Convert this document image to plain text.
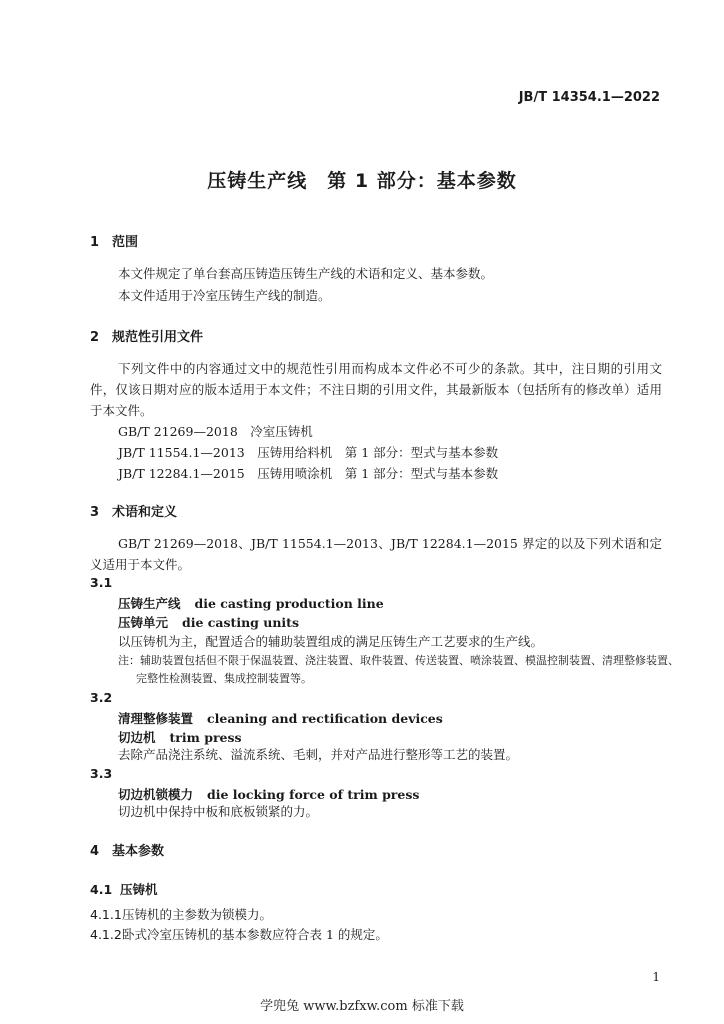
JB/T 14354.1—2022
压铸生产线　第 1 部分：基本参数
1 范围
本文件规定了单台套高压铸造压铸生产线的术语和定义、基本参数。
本文件适用于冷室压铸生产线的制造。
2 规范性引用文件
下列文件中的内容通过文中的规范性引用而构成本文件必不可少的条款。其中，注日期的引用文件，仅该日期对应的版本适用于本文件；不注日期的引用文件，其最新版本（包括所有的修改单）适用于本文件。
GB/T 21269—2018　冷室压铸机
JB/T 11554.1—2013　压铸用给料机　第 1 部分：型式与基本参数
JB/T 12284.1—2015　压铸用喷涂机　第 1 部分：型式与基本参数
3 术语和定义
GB/T 21269—2018、JB/T 11554.1—2013、JB/T 12284.1—2015 界定的以及下列术语和定义适用于本文件。
3.1
压铸生产线 die casting production line
压铸单元 die casting units
以压铸机为主，配置适合的辅助装置组成的满足压铸生产工艺要求的生产线。
注：辅助装置包括但不限于保温装置、浇注装置、取件装置、传送装置、喷涂装置、模温控制装置、清理整修装置、
完整性检测装置、集成控制装置等。
3.2
清理整修装置 cleaning and rectification devices
切边机 trim press
去除产品浇注系统、溢流系统、毛刺，并对产品进行整形等工艺的装置。
3.3
切边机锁模力 die locking force of trim press
切边机中保持中板和底板锁紧的力。
4 基本参数
4.1 压铸机
4.1.1压铸机的主参数为锁模力。
4.1.2卧式冷室压铸机的基本参数应符合表 1 的规定。
1
学兜兔 www.bzfxw.com 标准下载
